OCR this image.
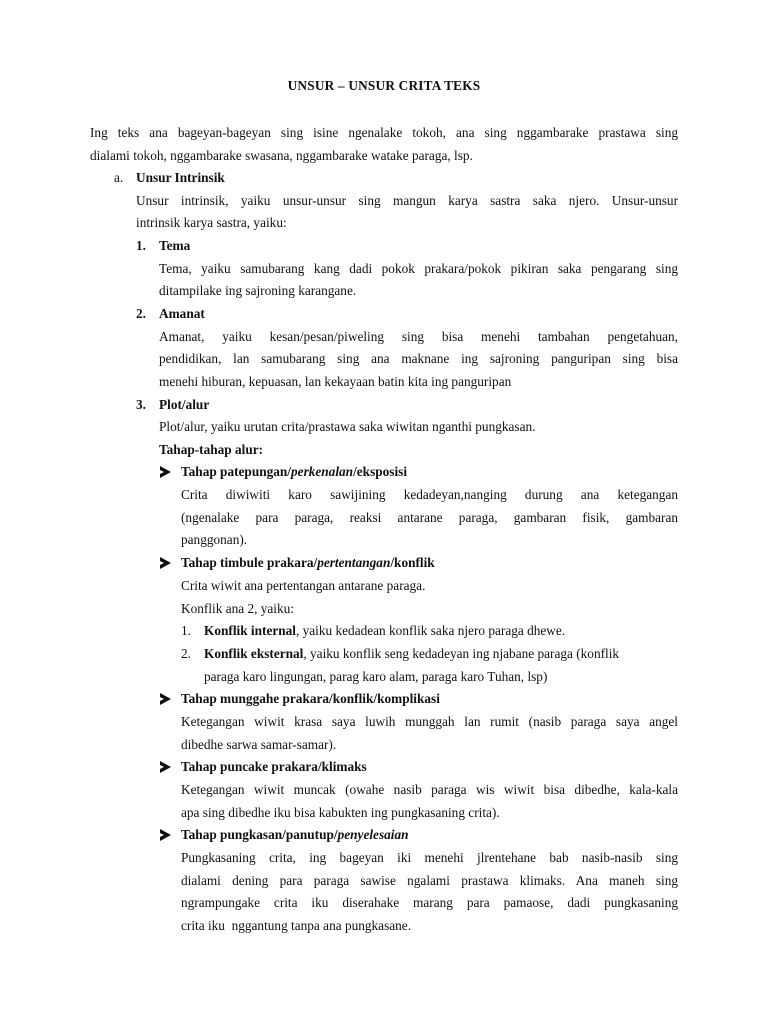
UNSUR – UNSUR CRITA TEKS
Ing teks ana bageyan-bageyan sing isine ngenalake tokoh, ana sing nggambarake prastawa sing
dialami tokoh, nggambarake swasana, nggambarake watake paraga, lsp.
a. Unsur Intrinsik
Unsur intrinsik, yaiku unsur-unsur sing mangun karya sastra saka njero. Unsur-unsur
intrinsik karya sastra, yaiku:
1. Tema
Tema, yaiku samubarang kang dadi pokok prakara/pokok pikiran saka pengarang sing
ditampilake ing sajroning karangane.
2. Amanat
Amanat, yaiku kesan/pesan/piweling sing bisa menehi tambahan pengetahuan,
pendidikan, lan samubarang sing ana maknane ing sajroning panguripan sing bisa
menehi hiburan, kepuasan, lan kekayaan batin kita ing panguripan
3. Plot/alur
Plot/alur, yaiku urutan crita/prastawa saka wiwitan nganthi pungkasan.
Tahap-tahap alur:
Tahap patepungan/perkenalan/eksposisi
Crita diwiwiti karo sawijining kedadeyan,nanging durung ana ketegangan
(ngenalake para paraga, reaksi antarane paraga, gambaran fisik, gambaran
panggonan).
Tahap timbule prakara/pertentangan/konflik
Crita wiwit ana pertentangan antarane paraga.
Konflik ana 2, yaiku:
1. Konflik internal, yaiku kedadean konflik saka njero paraga dhewe.
2. Konflik eksternal, yaiku konflik seng kedadeyan ing njabane paraga (konflik
paraga karo lingungan, parag karo alam, paraga karo Tuhan, lsp)
Tahap munggahe prakara/konflik/komplikasi
Ketegangan wiwit krasa saya luwih munggah lan rumit (nasib paraga saya angel
dibedhe sarwa samar-samar).
Tahap puncake prakara/klimaks
Ketegangan wiwit muncak (owahe nasib paraga wis wiwit bisa dibedhe, kala-kala
apa sing dibedhe iku bisa kabukten ing pungkasaning crita).
Tahap pungkasan/panutup/penyelesaian
Pungkasaning crita, ing bageyan iki menehi jlrentehane bab nasib-nasib sing
dialami dening para paraga sawise ngalami prastawa klimaks. Ana maneh sing
ngrampungake crita iku diserahake marang para pamaose, dadi pungkasaning
crita iku  nggantung tanpa ana pungkasane.
